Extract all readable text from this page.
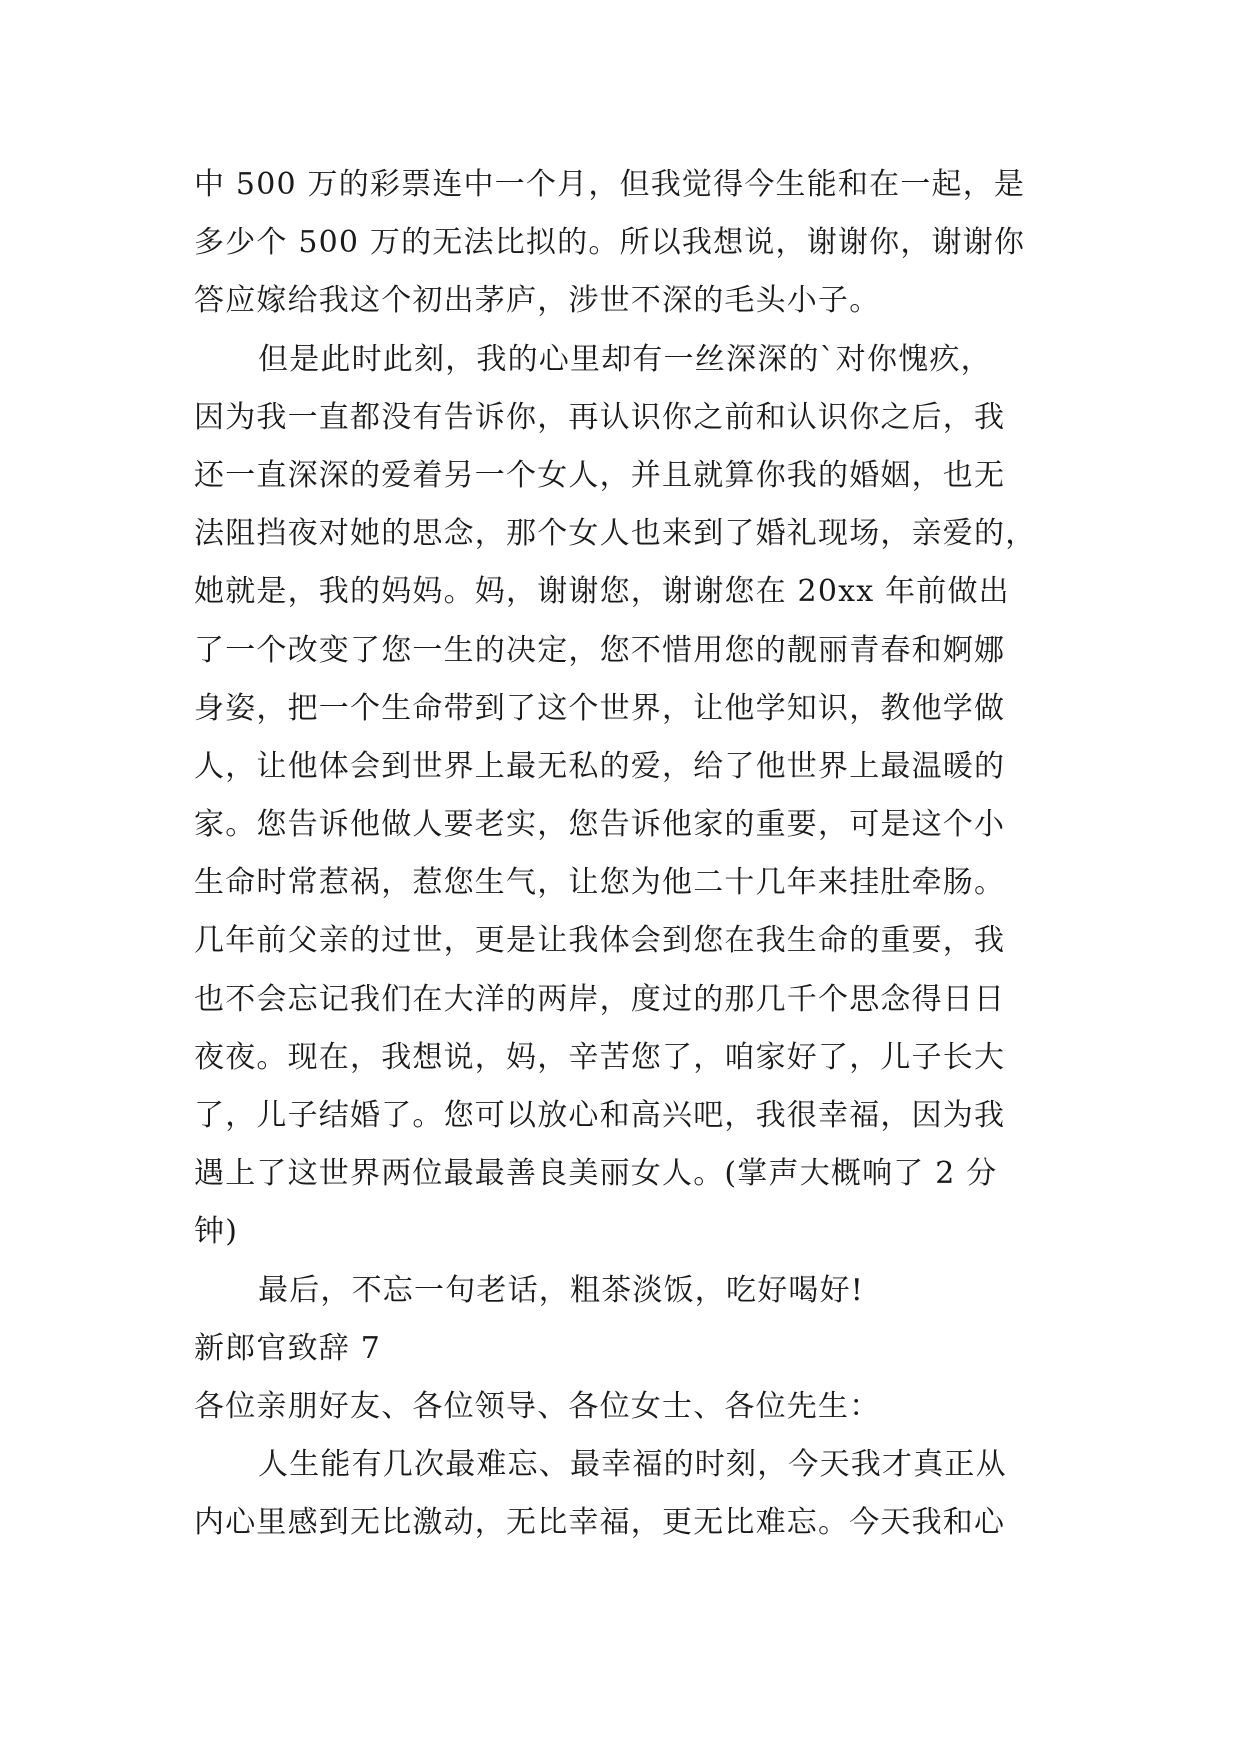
中 500 万的彩票连中一个月，但我觉得今生能和在一起，是
多少个 500 万的无法比拟的。所以我想说，谢谢你，谢谢你
答应嫁给我这个初出茅庐，涉世不深的毛头小子。
但是此时此刻，我的心里却有一丝深深的`对你愧疚，
因为我一直都没有告诉你，再认识你之前和认识你之后，我
还一直深深的爱着另一个女人，并且就算你我的婚姻，也无
法阻挡夜对她的思念，那个女人也来到了婚礼现场，亲爱的，
她就是，我的妈妈。妈，谢谢您，谢谢您在 20xx 年前做出
了一个改变了您一生的决定，您不惜用您的靓丽青春和婀娜
身姿，把一个生命带到了这个世界，让他学知识，教他学做
人，让他体会到世界上最无私的爱，给了他世界上最温暖的
家。您告诉他做人要老实，您告诉他家的重要，可是这个小
生命时常惹祸，惹您生气，让您为他二十几年来挂肚牵肠。
几年前父亲的过世，更是让我体会到您在我生命的重要，我
也不会忘记我们在大洋的两岸，度过的那几千个思念得日日
夜夜。现在，我想说，妈，辛苦您了，咱家好了，儿子长大
了，儿子结婚了。您可以放心和高兴吧，我很幸福，因为我
遇上了这世界两位最最善良美丽女人。(掌声大概响了 2 分
钟)
最后，不忘一句老话，粗茶淡饭，吃好喝好!
新郎官致辞 7
各位亲朋好友、各位领导、各位女士、各位先生：
人生能有几次最难忘、最幸福的时刻，今天我才真正从
内心里感到无比激动，无比幸福，更无比难忘。今天我和心
